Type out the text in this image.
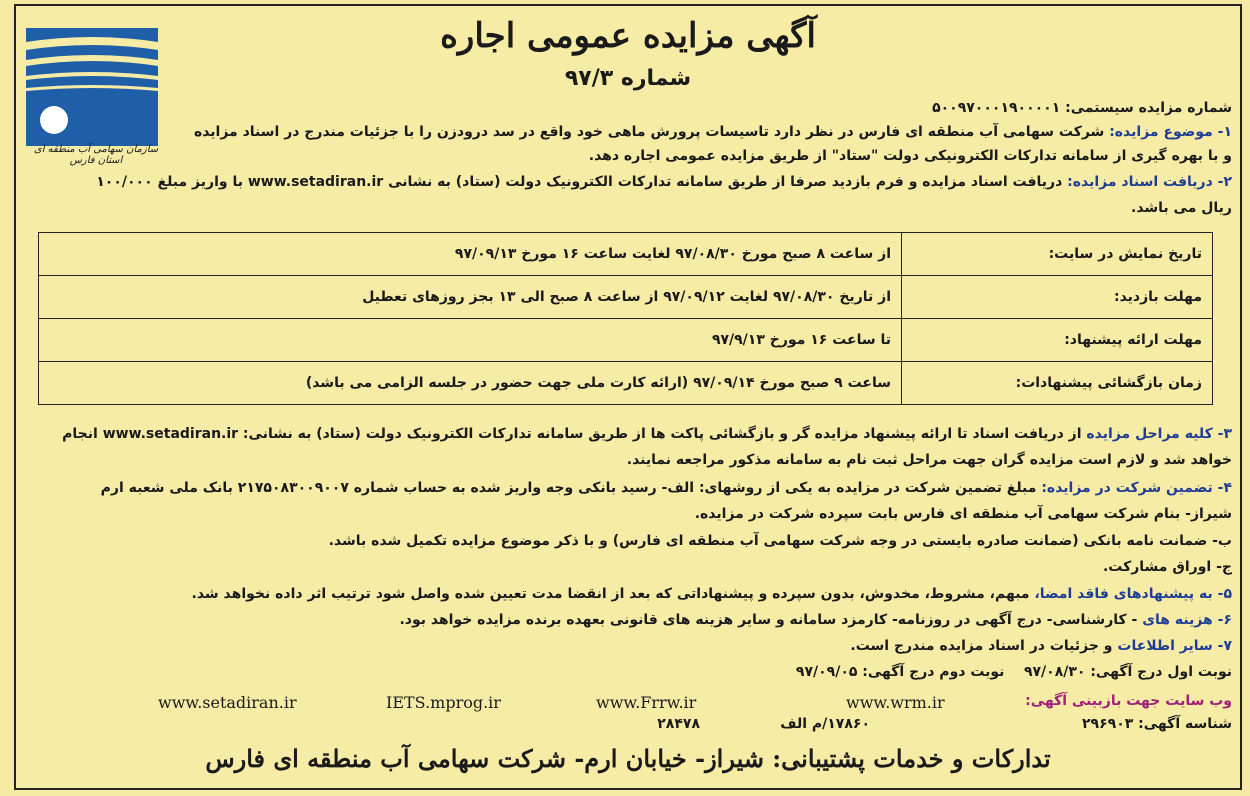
سازمان سهامی آب منطقه ای استان فارس
آگهی مزایده عمومی اجاره
شماره ۹۷/۳
شماره مزایده سیستمی: ۵۰۰۹۷۰۰۰۱۹۰۰۰۰۱
۱- موضوع مزایده: شرکت سهامی آب منطقه ای فارس در نظر دارد تاسیسات پرورش ماهی خود واقع در سد درودزن را با جزئیات مندرج در اسناد مزایده
و با بهره گیری از سامانه تدارکات الکترونیکی دولت "ستاد" از طریق مزایده عمومی اجاره دهد.
۲- دریافت اسناد مزایده: دریافت اسناد مزایده و فرم بازدید صرفا از طریق سامانه تدارکات الکترونیک دولت (ستاد) به نشانی www.setadiran.ir با واریز مبلغ ۱۰۰/۰۰۰
ریال می باشد.
تاریخ نمایش در سایت:	از ساعت ۸ صبح مورخ ۹۷/۰۸/۳۰ لغایت ساعت ۱۶ مورخ ۹۷/۰۹/۱۳
مهلت بازدید:	از تاریخ ۹۷/۰۸/۳۰ لغایت ۹۷/۰۹/۱۲ از ساعت ۸ صبح الی ۱۳ بجز روزهای تعطیل
مهلت ارائه پیشنهاد:	تا ساعت ۱۶ مورخ ۹۷/۹/۱۳
زمان بازگشائی پیشنهادات:	ساعت ۹ صبح مورخ ۹۷/۰۹/۱۴ (ارائه کارت ملی جهت حضور در جلسه الزامی می باشد)
۳- کلیه مراحل مزایده از دریافت اسناد تا ارائه پیشنهاد مزایده گر و بازگشائی پاکت ها از طریق سامانه تدارکات الکترونیک دولت (ستاد) به نشانی: www.setadiran.ir انجام
خواهد شد و لازم است مزایده گران جهت مراحل ثبت نام به سامانه مذکور مراجعه نمایند.
۴- تضمین شرکت در مزایده: مبلغ تضمین شرکت در مزایده به یکی از روشهای: الف- رسید بانکی وجه واریز شده به حساب شماره ۲۱۷۵۰۸۳۰۰۹۰۰۷ بانک ملی شعبه ارم
شیراز- بنام شرکت سهامی آب منطقه ای فارس بابت سپرده شرکت در مزایده.
ب- ضمانت نامه بانکی (ضمانت صادره بایستی در وجه شرکت سهامی آب منطقه ای فارس) و با ذکر موضوع مزایده تکمیل شده باشد.
ج- اوراق مشارکت.
۵- به پیشنهادهای فاقد امضا، مبهم، مشروط، مخدوش، بدون سپرده و پیشنهاداتی که بعد از انقضا مدت تعیین شده واصل شود ترتیب اثر داده نخواهد شد.
۶- هزینه های - کارشناسی- درج آگهی در روزنامه- کارمزد سامانه و سایر هزینه های قانونی بعهده برنده مزایده خواهد بود.
۷- سایر اطلاعات و جزئیات در اسناد مزایده مندرج است.
نوبت اول درج آگهی: ۹۷/۰۸/۳۰    نوبت دوم درج آگهی: ۹۷/۰۹/۰۵
وب سایت جهت بازبینی آگهی:
www.wrm.ir
www.Frrw.ir
IETS.mprog.ir
www.setadiran.ir
شناسه آگهی: ۲۹۶۹۰۳
۱۷۸۶۰/م الف
۲۸۴۷۸
تدارکات و خدمات پشتیبانی: شیراز- خیابان ارم- شرکت سهامی آب منطقه ای فارس
